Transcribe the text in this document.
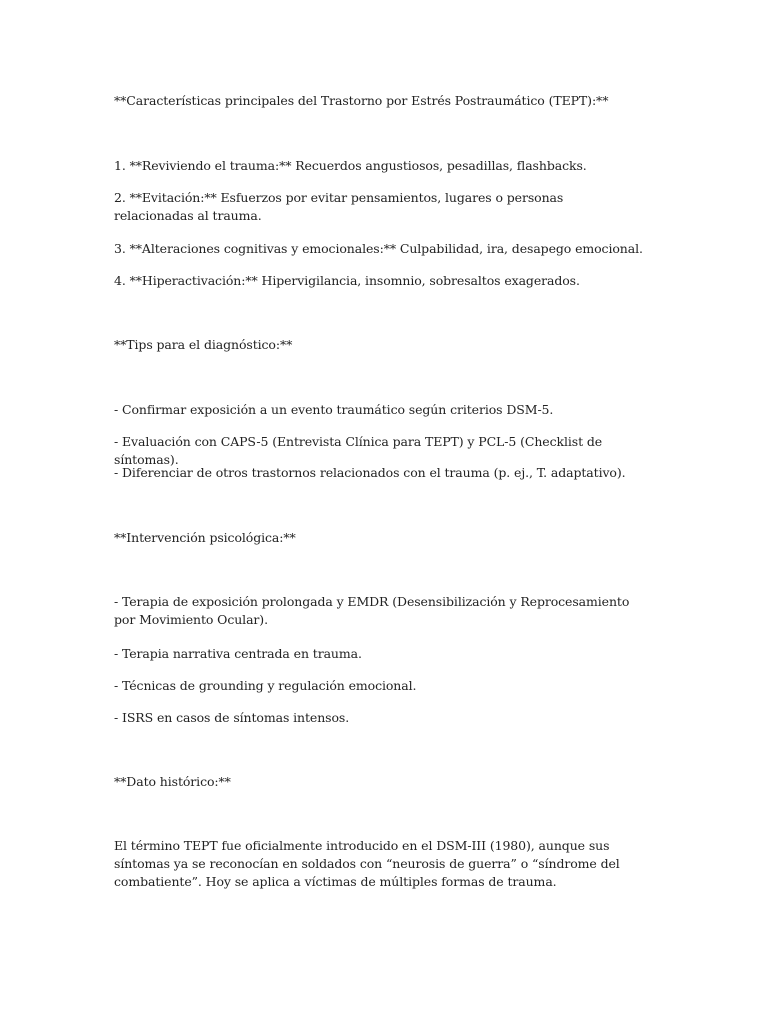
**Características principales del Trastorno por Estrés Postraumático (TEPT):**

1. **Reviviendo el trauma:** Recuerdos angustiosos, pesadillas, flashbacks.

2. **Evitación:** Esfuerzos por evitar pensamientos, lugares o personas relacionadas al trauma.

3. **Alteraciones cognitivas y emocionales:** Culpabilidad, ira, desapego emocional.

4. **Hiperactivación:** Hipervigilancia, insomnio, sobresaltos exagerados.

**Tips para el diagnóstico:**

- Confirmar exposición a un evento traumático según criterios DSM-5.

- Evaluación con CAPS-5 (Entrevista Clínica para TEPT) y PCL-5 (Checklist de síntomas).

- Diferenciar de otros trastornos relacionados con el trauma (p. ej., T. adaptativo).

**Intervención psicológica:**

- Terapia de exposición prolongada y EMDR (Desensibilización y Reprocesamiento por Movimiento Ocular).

- Terapia narrativa centrada en trauma.

- Técnicas de grounding y regulación emocional.

- ISRS en casos de síntomas intensos.

**Dato histórico:**

El término TEPT fue oficialmente introducido en el DSM-III (1980), aunque sus síntomas ya se reconocían en soldados con “neurosis de guerra” o “síndrome del combatiente”. Hoy se aplica a víctimas de múltiples formas de trauma.
